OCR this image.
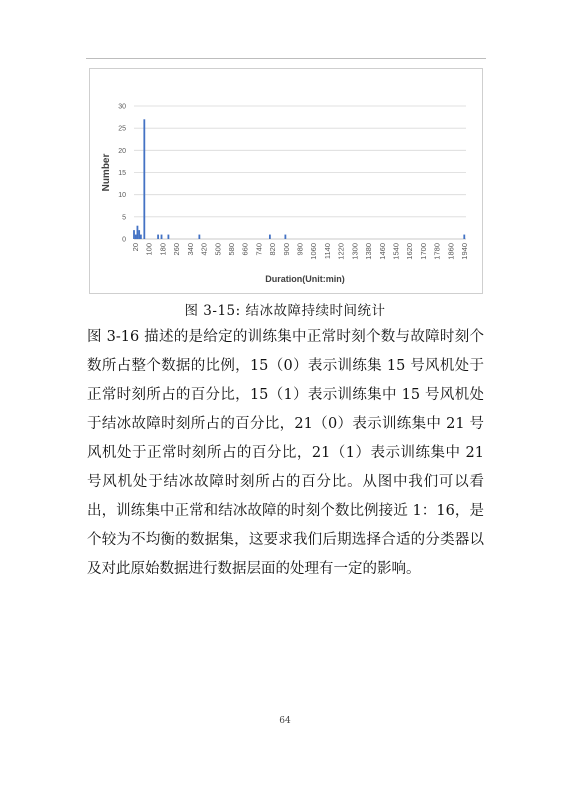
0
5
10
15
20
25
30
20 100 180 260 340 420 500 580 660 740 820 900 980 1060 1140 1220 1300 1380 1460 1540 1620 1700 1780 1860 1940
Duration(Unit:min)
Number
图 3-15: 结冰故障持续时间统计
图 3-16 描述的是给定的训练集中正常时刻个数与故障时刻个数所占整个数据的比例，15（0）表示训练集 15 号风机处于正常时刻所占的百分比，15（1）表示训练集中 15 号风机处于结冰故障时刻所占的百分比，21（0）表示训练集中 21 号风机处于正常时刻所占的百分比，21（1）表示训练集中 21 号风机处于结冰故障时刻所占的百分比。从图中我们可以看出，训练集中正常和结冰故障的时刻个数比例接近 1：16，是个较为不均衡的数据集，这要求我们后期选择合适的分类器以及对此原始数据进行数据层面的处理有一定的影响。
64
